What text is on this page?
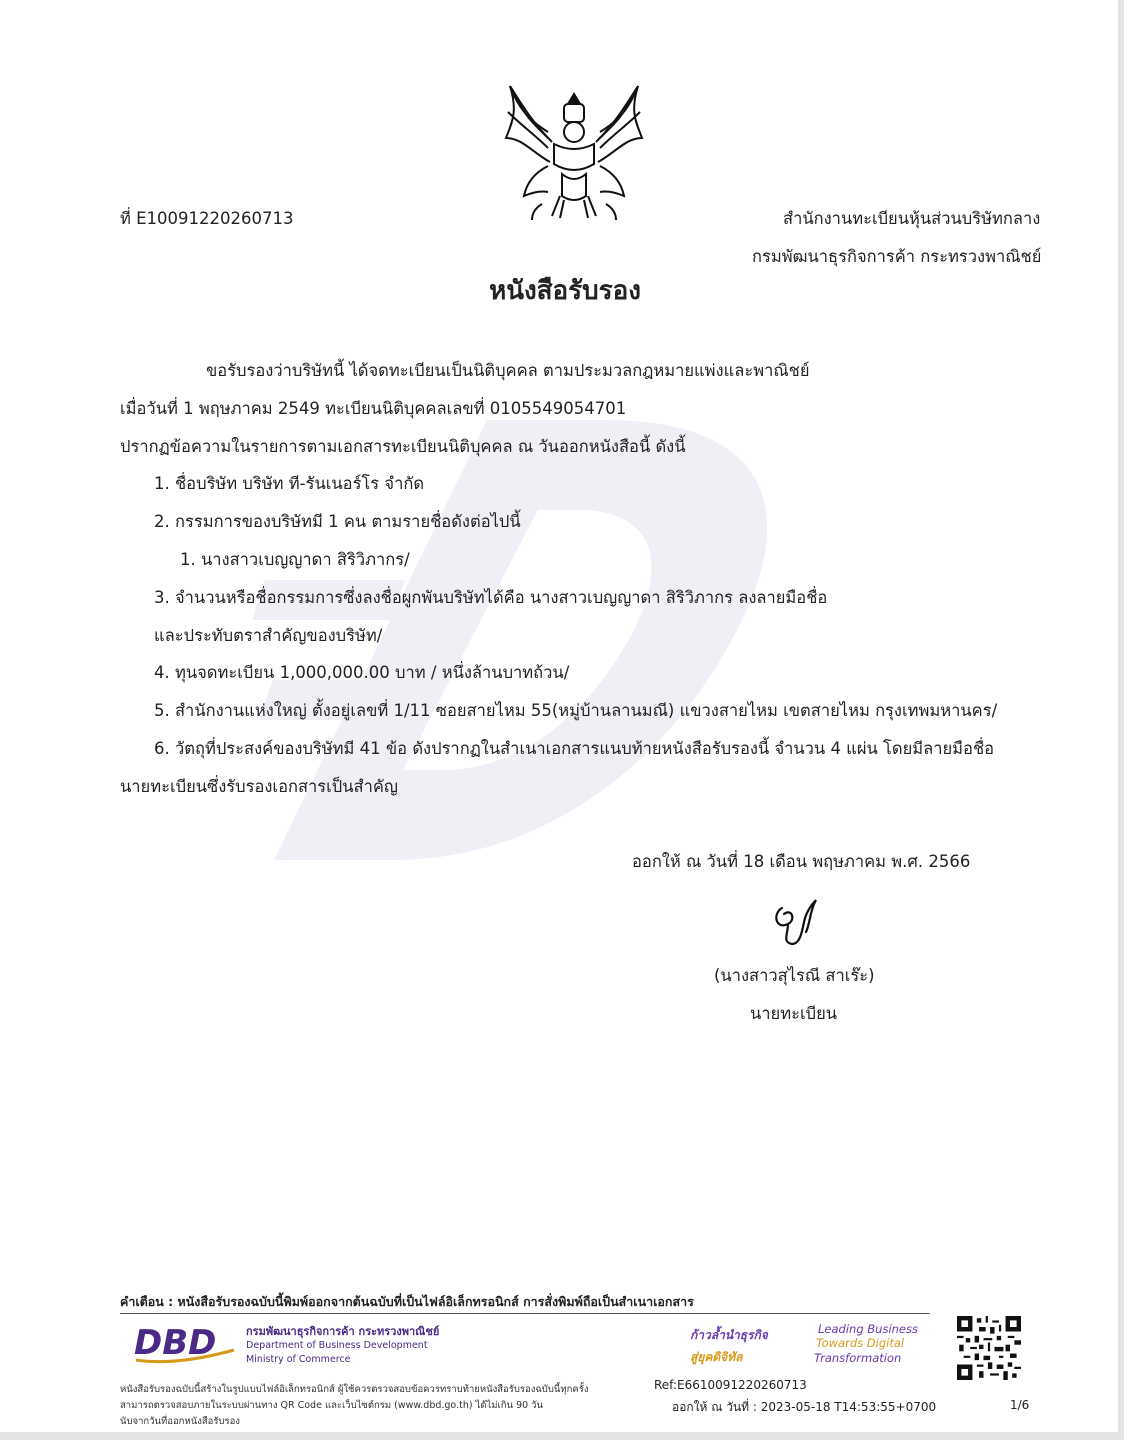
ที่ E10091220260713	สำนักงานทะเบียนหุ้นส่วนบริษัทกลาง
กรมพัฒนาธุรกิจการค้า กระทรวงพาณิชย์
หนังสือรับรอง
ขอรับรองว่าบริษัทนี้ ได้จดทะเบียนเป็นนิติบุคคล ตามประมวลกฎหมายแพ่งและพาณิชย์
เมื่อวันที่ 1 พฤษภาคม 2549 ทะเบียนนิติบุคคลเลขที่ 0105549054701
ปรากฏข้อความในรายการตามเอกสารทะเบียนนิติบุคคล ณ วันออกหนังสือนี้ ดังนี้
1. ชื่อบริษัท บริษัท ที-รันเนอร์โร จำกัด
2. กรรมการของบริษัทมี 1 คน ตามรายชื่อดังต่อไปนี้
1. นางสาวเบญญาดา สิริวิภากร/
3. จำนวนหรือชื่อกรรมการซึ่งลงชื่อผูกพันบริษัทได้คือ นางสาวเบญญาดา สิริวิภากร ลงลายมือชื่อ
และประทับตราสำคัญของบริษัท/
4. ทุนจดทะเบียน 1,000,000.00 บาท / หนึ่งล้านบาทถ้วน/
5. สำนักงานแห่งใหญ่ ตั้งอยู่เลขที่ 1/11 ซอยสายไหม 55(หมู่บ้านลานมณี) แขวงสายไหม เขตสายไหม กรุงเทพมหานคร/
6. วัตถุที่ประสงค์ของบริษัทมี 41 ข้อ ดังปรากฏในสำเนาเอกสารแนบท้ายหนังสือรับรองนี้ จำนวน 4 แผ่น โดยมีลายมือชื่อ
นายทะเบียนซึ่งรับรองเอกสารเป็นสำคัญ
ออกให้ ณ วันที่ 18 เดือน พฤษภาคม พ.ศ. 2566
(นางสาวสุไรณี สาเร๊ะ)
นายทะเบียน
คำเตือน : หนังสือรับรองฉบับนี้พิมพ์ออกจากต้นฉบับที่เป็นไฟล์อิเล็กทรอนิกส์ การสั่งพิมพ์ถือเป็นสำเนาเอกสาร
DBD	กรมพัฒนาธุรกิจการค้า กระทรวงพาณิชย์
Department of Business Development
Ministry of Commerce
ก้าวล้ำนำธุรกิจ
สู่ยุคดิจิทัล
Leading Business
Towards Digital
Transformation
หนังสือรับรองฉบับนี้สร้างในรูปแบบไฟล์อิเล็กทรอนิกส์ ผู้ใช้ควรตรวจสอบข้อควรทราบท้ายหนังสือรับรองฉบับนี้ทุกครั้ง
สามารถตรวจสอบภายในระบบผ่านทาง QR Code และเว็บไซต์กรม (www.dbd.go.th) ได้ไม่เกิน 90 วัน
นับจากวันที่ออกหนังสือรับรอง
Ref:E6610091220260713
ออกให้ ณ วันที่ : 2023-05-18 T14:53:55+0700	1/6
